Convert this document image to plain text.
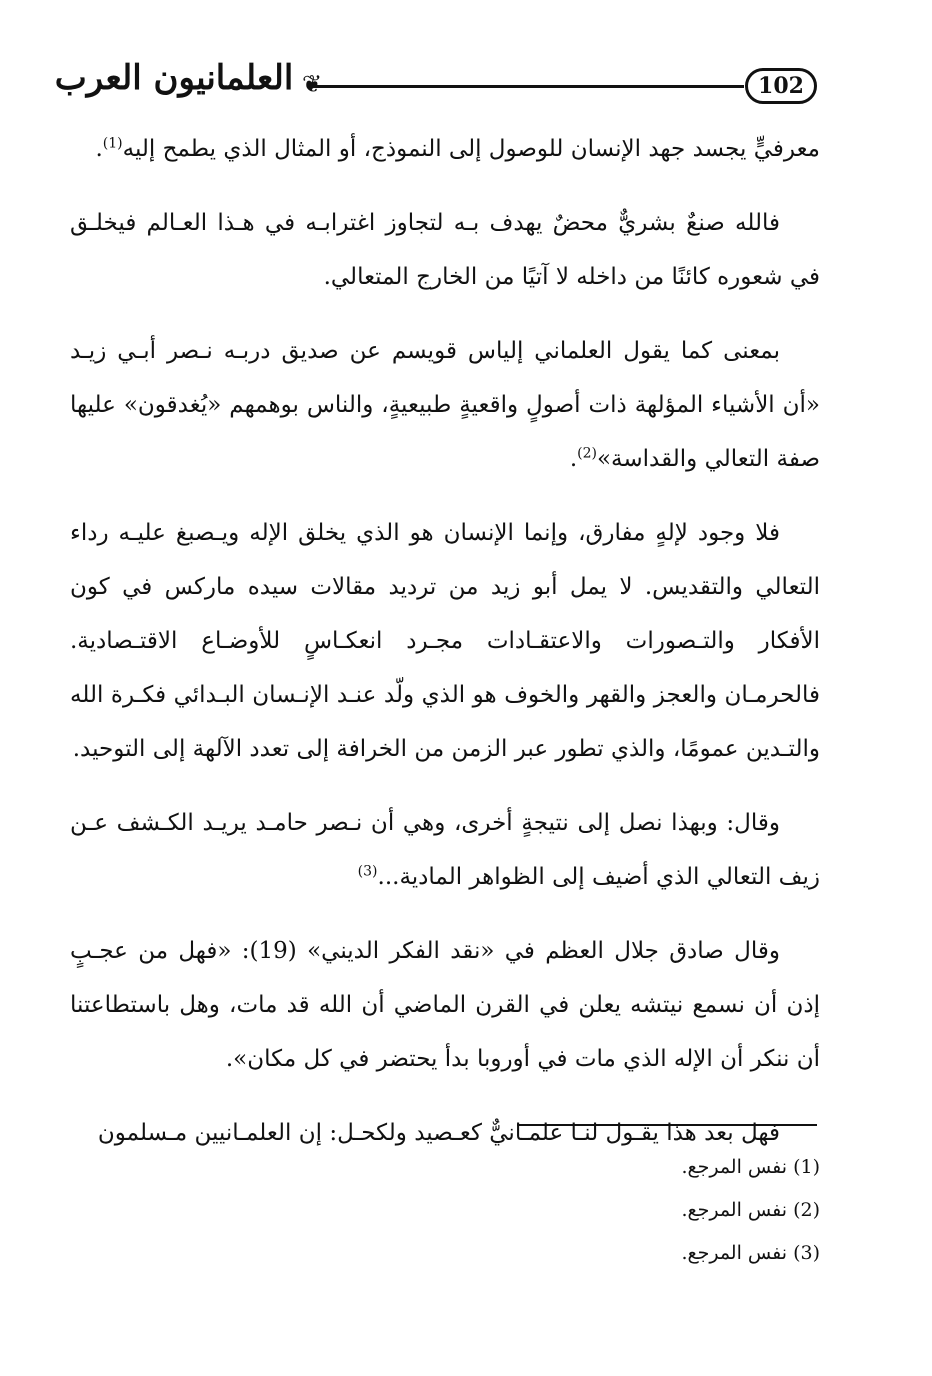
العلمانيون العرب ❦	102

معرفيٍّ يجسد جهد الإنسان للوصول إلى النموذج، أو المثال الذي يطمح إليه$^{(1)}$.

فالله صنعٌ بشريٌّ محضٌ يهدف بـه لتجاوز اغترابـه في هـذا العـالم فيخلـق في شعوره كائنًا من داخله لا آتيًا من الخارج المتعالي.

بمعنى كما يقول العلماني إلياس قويسم عن صديق دربـه نـصر أبـي زيـد «أن الأشياء المؤلهة ذات أصولٍ واقعيةٍ طبيعيةٍ، والناس بوهمهم «يُغدقون» عليها صفة التعالي والقداسة»$^{(2)}$.

فلا وجود لإلهٍ مفارق، وإنما الإنسان هو الذي يخلق الإله ويـصبغ عليـه رداء التعالي والتقديس. لا يمل أبو زيد من ترديد مقالات سيده ماركس في كون الأفكار والتـصورات والاعتقـادات مجـرد انعكـاسٍ للأوضـاع الاقتـصادية. فالحرمـان والعجز والقهر والخوف هو الذي ولّد عنـد الإنـسان البـدائي فكـرة الله والتـدين عمومًا، والذي تطور عبر الزمن من الخرافة إلى تعدد الآلهة إلى التوحيد.

وقال: وبهذا نصل إلى نتيجةٍ أخرى، وهي أن نـصر حامـد يريـد الكـشف عـن زيف التعالي الذي أضيف إلى الظواهر المادية...$^{(3)}$

وقال صادق جلال العظم في «نقد الفكر الديني» (19): «فهل من عجـبٍ إذن أن نسمع نيتشه يعلن في القرن الماضي أن الله قد مات، وهل باستطاعتنا أن ننكر أن الإله الذي مات في أوروبا بدأ يحتضر في كل مكان».

فهل بعد هذا يقـول لنـا علمـانيٌّ كعـصيد ولكحـل: إن العلمـانيين مـسلمون

(1) نفس المرجع.
(2) نفس المرجع.
(3) نفس المرجع.
